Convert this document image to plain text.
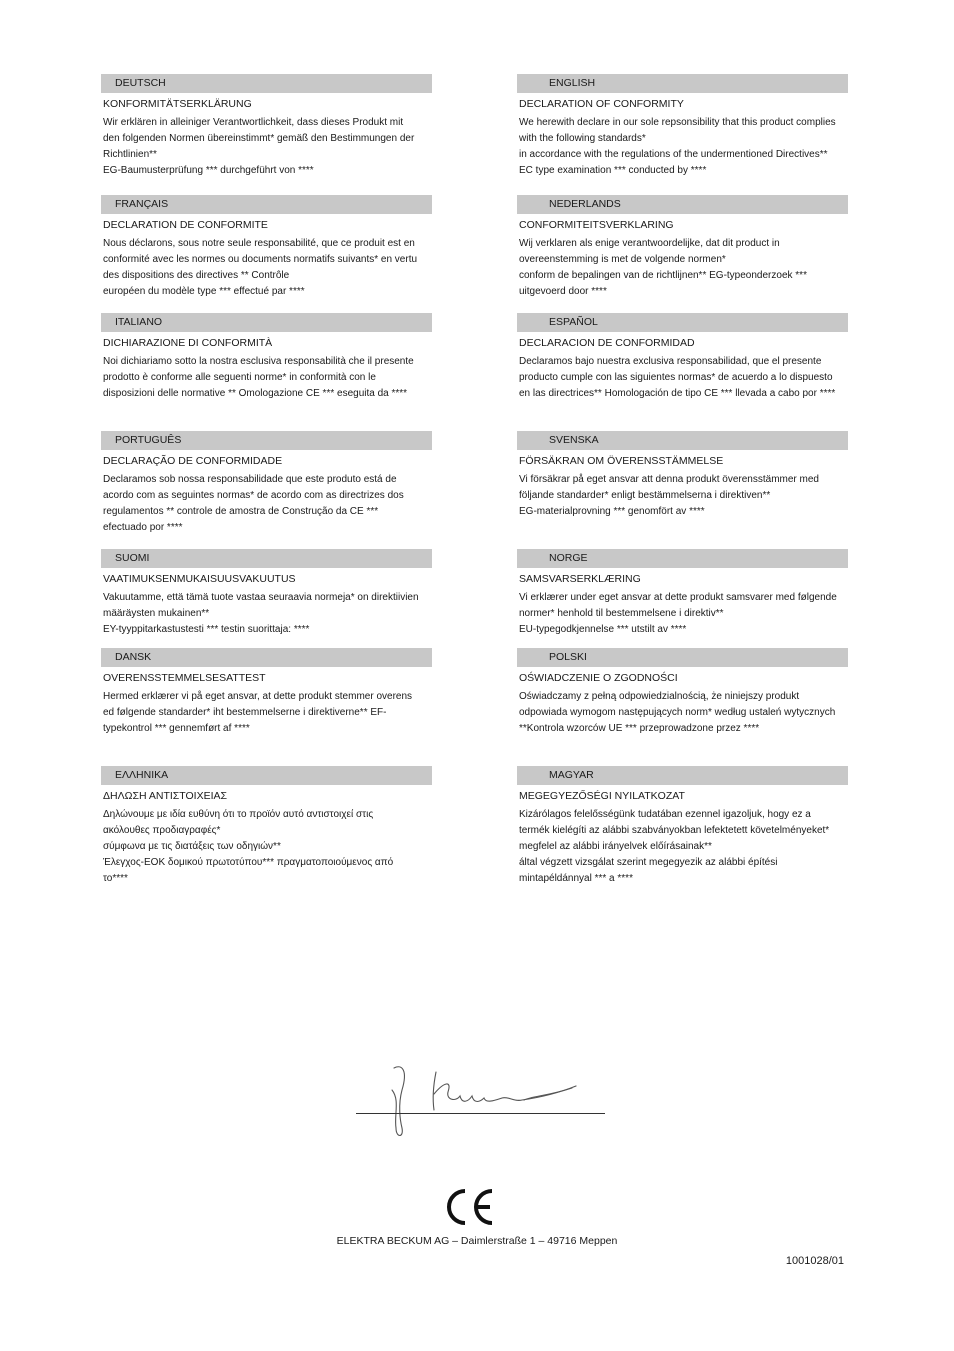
DEUTSCH
KONFORMITÄTSERKLÄRUNG
Wir erklären in alleiniger Verantwortlichkeit, dass dieses Produkt mit
den folgenden Normen übereinstimmt* gemäß den Bestimmungen der
Richtlinien**
EG-Baumusterprüfung *** durchgeführt von ****
ENGLISH
DECLARATION OF CONFORMITY
We herewith declare in our sole repsonsibility that this product complies
with the following standards*
in accordance with the regulations of the undermentioned Directives**
EC type examination *** conducted by ****
FRANÇAIS
DECLARATION DE CONFORMITE
Nous déclarons, sous notre seule responsabilité, que ce produit est en
conformité avec les normes ou documents normatifs suivants* en vertu
des dispositions des directives ** Contrôle
européen du modèle type *** effectué par ****
NEDERLANDS
CONFORMITEITSVERKLARING
Wij verklaren als enige verantwoordelijke, dat dit product in
overeenstemming is met de volgende normen*
conform de bepalingen van de richtlijnen** EG-typeonderzoek ***
uitgevoerd door ****
ITALIANO
DICHIARAZIONE DI CONFORMITÀ
Noi dichiariamo sotto la nostra esclusiva responsabilità che il presente
prodotto è conforme alle seguenti norme* in conformità con le
disposizioni delle normative ** Omologazione CE *** eseguita da ****
ESPAÑOL
DECLARACION DE CONFORMIDAD
Declaramos bajo nuestra exclusiva responsabilidad, que el presente
producto cumple con las siguientes normas* de acuerdo a lo dispuesto
en las directrices** Homologación de tipo CE *** llevada a cabo por ****
PORTUGUÊS
DECLARAÇÃO DE CONFORMIDADE
Declaramos sob nossa responsabilidade que este produto está de
acordo com as seguintes normas* de acordo com as directrizes dos
regulamentos ** controle de amostra de Construção da CE ***
efectuado por ****
SVENSKA
FÖRSÄKRAN OM ÖVERENSSTÄMMELSE
Vi försäkrar på eget ansvar att denna produkt överensstämmer med
följande standarder* enligt bestämmelserna i direktiven**
EG-materialprovning *** genomfört av ****
SUOMI
VAATIMUKSENMUKAISUUSVAKUUTUS
Vakuutamme, että tämä tuote vastaa seuraavia normeja* on direktiivien
määräysten mukainen**
EY-tyyppitarkastustesti *** testin suorittaja: ****
NORGE
SAMSVARSERKLÆRING
Vi erklærer under eget ansvar at dette produkt samsvarer med følgende
normer* henhold til bestemmelsene i direktiv**
EU-typegodkjennelse *** utstilt av ****
DANSK
OVERENSSTEMMELSESATTEST
Hermed erklærer vi på eget ansvar, at dette produkt stemmer overens
ed følgende standarder* iht bestemmelserne i direktiverne** EF-
typekontrol *** gennemført af ****
POLSKI
OŚWIADCZENIE O ZGODNOŚCI
Oświadczamy z pełną odpowiedzialnością, że niniejszy produkt
odpowiada wymogom następujących norm* według ustaleń wytycznych
**Kontrola wzorców UE *** przeprowadzone przez ****
ΕΛΛΗΝΙΚΑ
ΔΗΛΩΣΗ ΑΝΤΙΣΤΟΙΧΕΙΑΣ
Δηλώνουμε με ιδία ευθύνη ότι το προϊόν αυτό αντιστοιχεί στις
ακόλουθες προδιαγραφές*
σύμφωνα με τις διατάξεις των οδηγιών**
Έλεγχος-ΕΟΚ δομικού πρωτοτύπου*** πραγματοποιούμενος από
το****
MAGYAR
MEGEGYEZŐSÉGI NYILATKOZAT
Kizárólagos felelősségünk tudatában ezennel igazoljuk, hogy ez a
termék kielégíti az alábbi szabványokban lefektetett követelményeket*
megfelel az alábbi irányelvek előírásainak**
által végzett vizsgálat szerint megegyezik az alábbi építési
mintapéldánnyal *** a ****
ELEKTRA BECKUM AG – Daimlerstraße 1 – 49716 Meppen
1001028/01
